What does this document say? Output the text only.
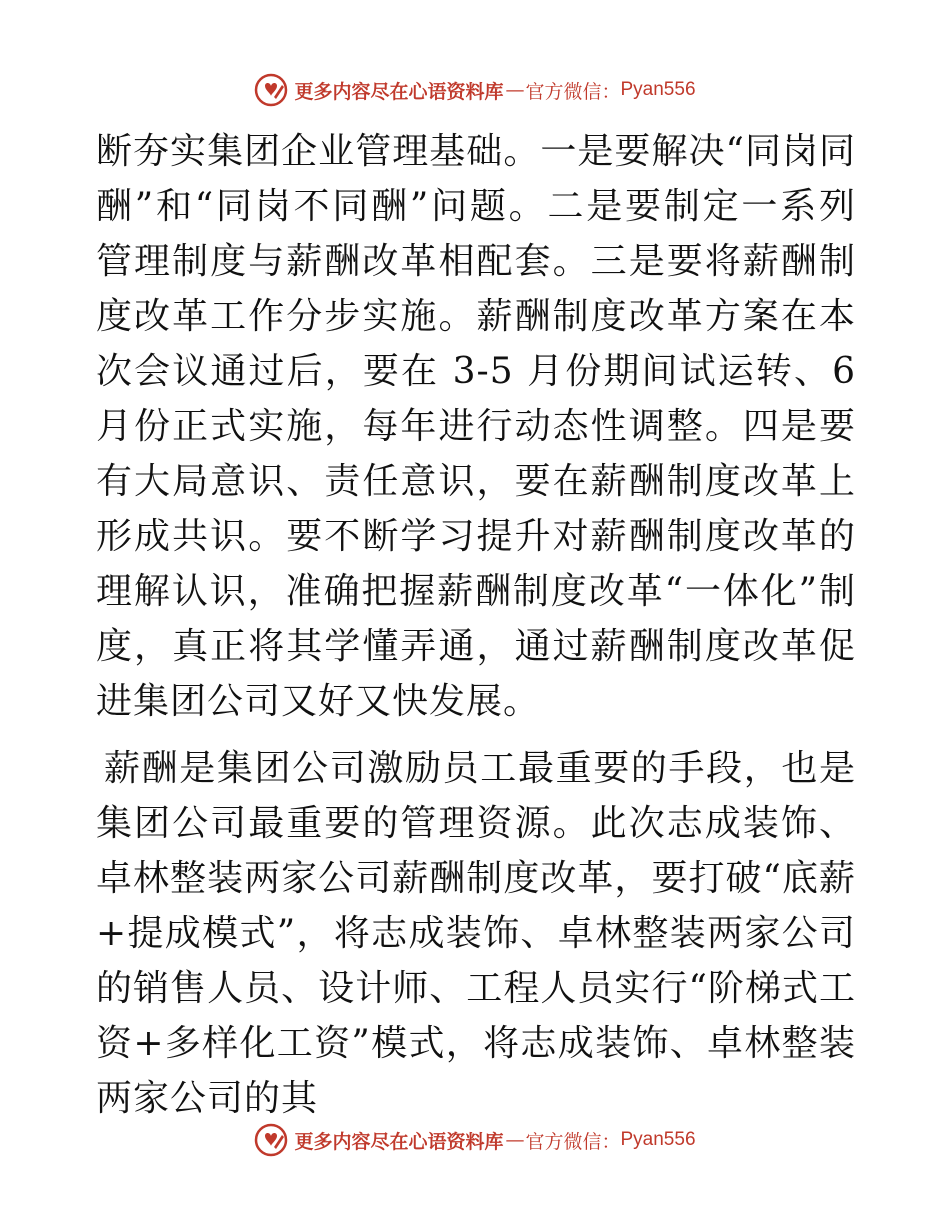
更多内容尽在心语资料库 — 官方微信： Pyan556

断夯实集团企业管理基础。一是要解决“同岗同酬”和“同岗不同酬”问题。二是要制定一系列管理制度与薪酬改革相配套。三是要将薪酬制度改革工作分步实施。薪酬制度改革方案在本次会议通过后，要在 3-5 月份期间试运转、6 月份正式实施，每年进行动态性调整。四是要有大局意识、责任意识，要在薪酬制度改革上形成共识。要不断学习提升对薪酬制度改革的理解认识，准确把握薪酬制度改革“一体化”制度，真正将其学懂弄通，通过薪酬制度改革促进集团公司又好又快发展。

薪酬是集团公司激励员工最重要的手段，也是集团公司最重要的管理资源。此次志成装饰、卓林整装两家公司薪酬制度改革，要打破“底薪+提成模式”，将志成装饰、卓林整装两家公司的销售人员、设计师、工程人员实行“阶梯式工资+多样化工资”模式，将志成装饰、卓林整装两家公司的其

更多内容尽在心语资料库 — 官方微信： Pyan556
